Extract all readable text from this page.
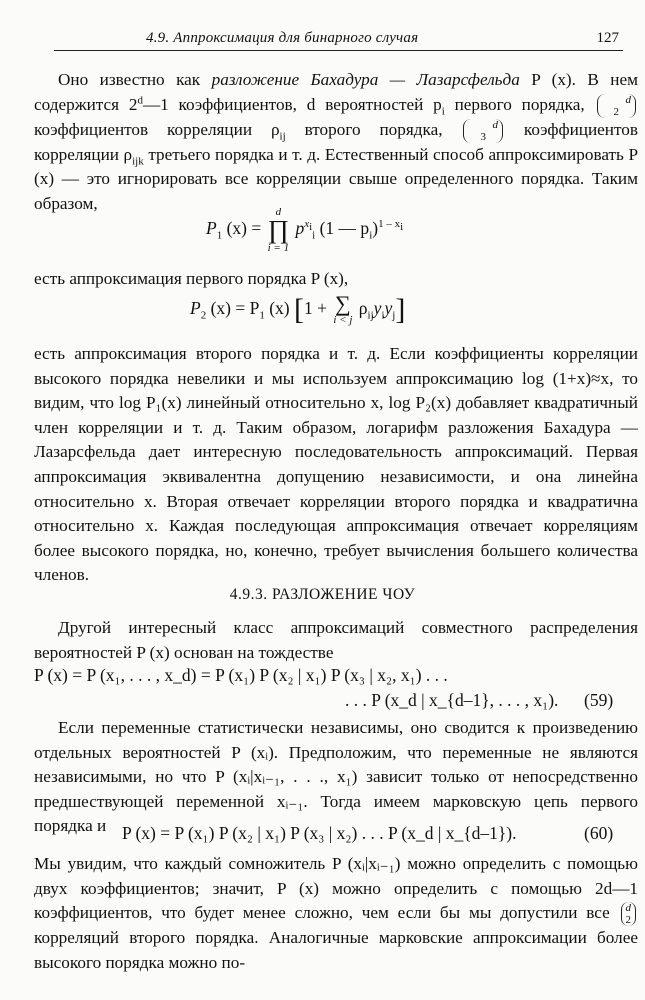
4.9. Аппроксимация для бинарного случая	127

Оно известно как разложение Бахадура — Лазарсфельда P (x). В нем содержится 2$^d$—1 коэффициентов, d вероятностей $p_i$ первого порядка,	d
2 коэффициентов корреляции $\rho_{ij}$ второго порядка,	d
3 коэффициентов корреляции $\rho_{ijk}$ третьего порядка и т. д. Естественный способ аппроксимировать P (x) — это игнорировать все корреляции свыше определенного порядка. Таким образом,

$P_1$ (x) = d
∏
i = 1 $p^{x_i}_i$ (1 — $p_i)^{1 - x_i}$

есть аппроксимация первого порядка P (x),

$P_2$ $(x) = P_1$ (x) [1 + ∑
i < j $\rho_{ij}y_iy_j$]

есть аппроксимация второго порядка и т. д. Если коэффициенты корреляции высокого порядка невелики и мы используем аппроксимацию log (1+x)≈x, то видим, что log P₁(x) линейный относительно x, log P₂(x) добавляет квадратичный член корреляции и т. д. Таким образом, логарифм разложения Бахадура — Лазарсфельда дает интересную последовательность аппроксимаций. Первая аппроксимация эквивалентна допущению независимости, и она линейна относительно x. Вторая отвечает корреляции второго порядка и квадратична относительно x. Каждая последующая аппроксимация отвечает корреляциям более высокого порядка, но, конечно, требует вычисления большего количества членов.

4.9.3. РАЗЛОЖЕНИЕ ЧОУ

Другой интересный класс аппроксимаций совместного распределения вероятностей P (x) основан на тождестве

P (x) = P (x₁, . . . , x_d) = P (x₁) P (x₂ | x₁) P (x₃ | x₂, x₁) . . .
. . . P (x_d | x_{d–1}, . . . , x₁). (59)

Если переменные статистически независимы, оно сводится к произведению отдельных вероятностей P (xᵢ). Предположим, что переменные не являются независимыми, но что P (xᵢ|xᵢ₋₁, . . ., x₁) зависит только от непосредственно предшествующей переменной xᵢ₋₁. Тогда имеем марковскую цепь первого порядка и P (x) = P (x₁) P (x₂ | x₁) P (x₃ | x₂) . . . P (x_d | x_{d–1}).	(60)

Мы увидим, что каждый сомножитель P (xᵢ|xᵢ₋₁) можно определить с помощью двух коэффициентов; значит, P (x) можно определить с помощью 2d—1 коэффициентов, что будет менее сложно, чем если бы мы допустили все d
2 корреляций второго порядка. Аналогичные марковские аппроксимации более высокого порядка можно по-
